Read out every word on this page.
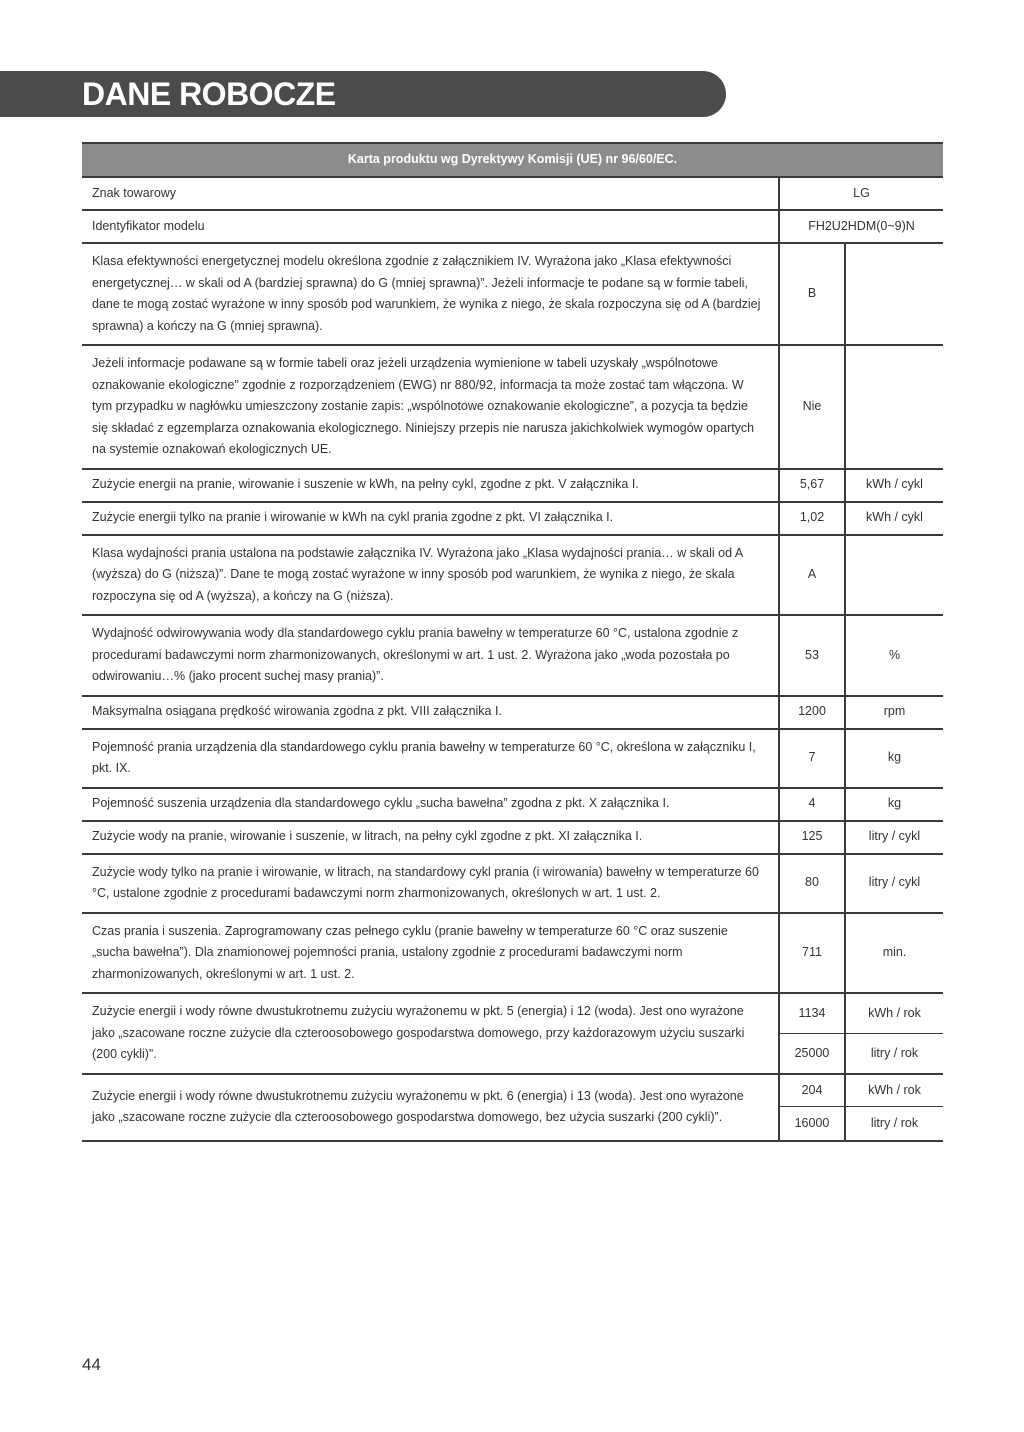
DANE ROBOCZE
Karta produktu wg Dyrektywy Komisji (UE) nr 96/60/EC.		
Znak towarowy	LG	
Identyfikator modelu	FH2U2HDM(0~9)N	
Klasa efektywności energetycznej modelu określona zgodnie z załącznikiem IV. Wyrażona jako „Klasa efektywności energetycznej… w skali od A (bardziej sprawna) do G (mniej sprawna)”. Jeżeli informacje te podane są w formie tabeli, dane te mogą zostać wyrażone w inny sposób pod warunkiem, że wynika z niego, że skala rozpoczyna się od A (bardziej sprawna) a kończy na G (mniej sprawna).	B	
Jeżeli informacje podawane są w formie tabeli oraz jeżeli urządzenia wymienione w tabeli uzyskały „wspólnotowe oznakowanie ekologiczne” zgodnie z rozporządzeniem (EWG) nr 880/92, informacja ta może zostać tam włączona. W tym przypadku w nagłówku umieszczony zostanie zapis: „wspólnotowe oznakowanie ekologiczne”, a pozycja ta będzie się składać z egzemplarza oznakowania ekologicznego. Niniejszy przepis nie narusza jakichkolwiek wymogów opartych na systemie oznakowań ekologicznych UE.	Nie	
Zużycie energii na pranie, wirowanie i suszenie w kWh, na pełny cykl, zgodne z pkt. V załącznika I.	5,67	kWh / cykl
Zużycie energii tylko na pranie i wirowanie w kWh na cykl prania zgodne z pkt. VI załącznika I.	1,02	kWh / cykl
Klasa wydajności prania ustalona na podstawie załącznika IV. Wyrażona jako „Klasa wydajności prania… w skali od A (wyższa) do G (niższa)”. Dane te mogą zostać wyrażone w inny sposób pod warunkiem, że wynika z niego, że skala rozpoczyna się od A (wyższa), a kończy na G (niższa).	A	
Wydajność odwirowywania wody dla standardowego cyklu prania bawełny w temperaturze 60 °C, ustalona zgodnie z procedurami badawczymi norm zharmonizowanych, określonymi w art. 1 ust. 2. Wyrażona jako „woda pozostała po odwirowaniu…% (jako procent suchej masy prania)”.	53	%
Maksymalna osiągana prędkość wirowania zgodna z pkt. VIII załącznika I.	1200	rpm
Pojemność prania urządzenia dla standardowego cyklu prania bawełny w temperaturze 60 °C, określona w załączniku I, pkt. IX.	7	kg
Pojemność suszenia urządzenia dla standardowego cyklu „sucha bawełna” zgodna z pkt. X załącznika I.	4	kg
Zużycie wody na pranie, wirowanie i suszenie, w litrach, na pełny cykl zgodne z pkt. XI załącznika I.	125	litry / cykl
Zużycie wody tylko na pranie i wirowanie, w litrach, na standardowy cykl prania (i wirowania) bawełny w temperaturze 60 °C, ustalone zgodnie z procedurami badawczymi norm zharmonizowanych, określonych w art. 1 ust. 2.	80	litry / cykl
Czas prania i suszenia. Zaprogramowany czas pełnego cyklu (pranie bawełny w temperaturze 60 °C oraz suszenie „sucha bawełna”). Dla znamionowej pojemności prania, ustalony zgodnie z procedurami badawczymi norm zharmonizowanych, określonymi w art. 1 ust. 2.	711	min.
Zużycie energii i wody równe dwustukrotnemu zużyciu wyrażonemu w pkt. 5 (energia) i 12 (woda). Jest ono wyrażone jako „szacowane roczne zużycie dla czteroosobowego gospodarstwa domowego, przy każdorazowym użyciu suszarki (200 cykli)”.	1134	kWh / rok
	25000	litry / rok
Zużycie energii i wody równe dwustukrotnemu zużyciu wyrażonemu w pkt. 6 (energia) i 13 (woda). Jest ono wyrażone jako „szacowane roczne zużycie dla czteroosobowego gospodarstwa domowego, bez użycia suszarki (200 cykli)”.	204	kWh / rok
	16000	litry / rok
44
